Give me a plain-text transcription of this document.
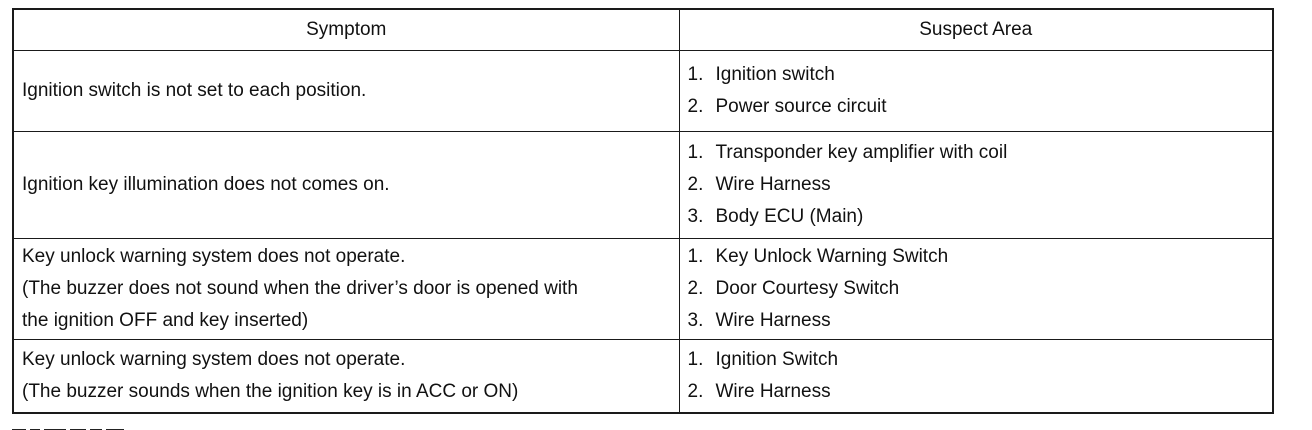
Symptom	Suspect Area

Ignition switch is not set to each position.	1. Ignition switch
2. Power source circuit

Ignition key illumination does not comes on.	1. Transponder key amplifier with coil
2. Wire Harness
3. Body ECU (Main)

Key unlock warning system does not operate.
(The buzzer does not sound when the driver’s door is opened with
the ignition OFF and key inserted)	1. Key Unlock Warning Switch
2. Door Courtesy Switch
3. Wire Harness

Key unlock warning system does not operate.
(The buzzer sounds when the ignition key is in ACC or ON)	1. Ignition Switch
2. Wire Harness
